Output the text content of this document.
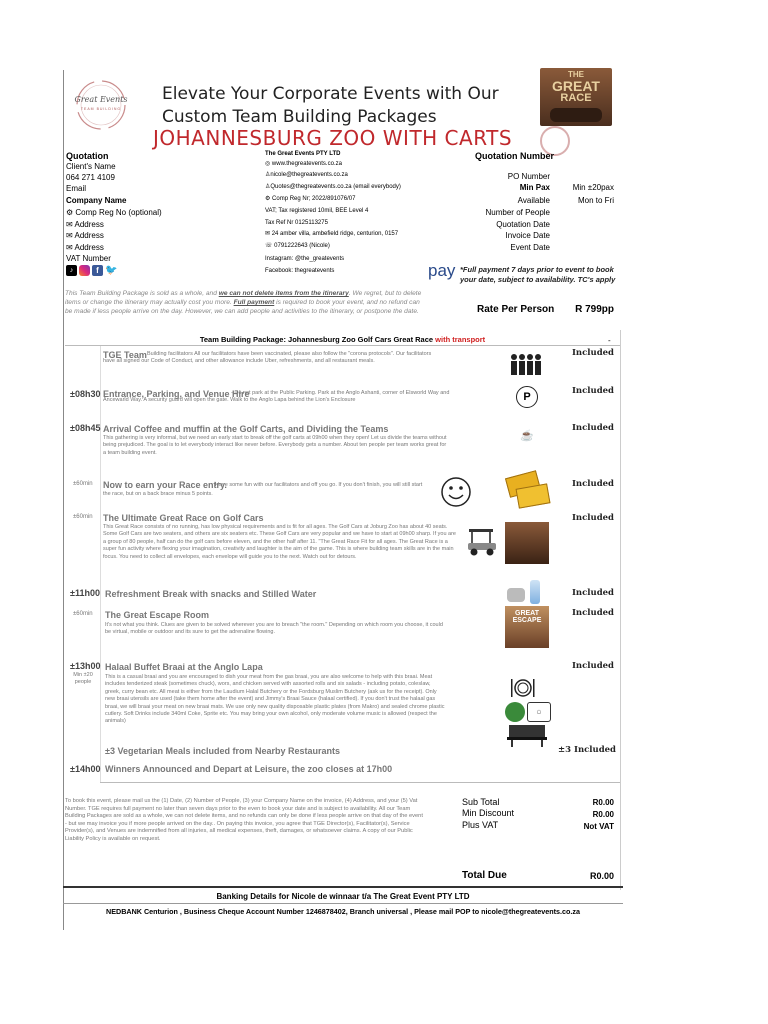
Great Events
TEAM BUILDING
Elevate Your Corporate Events with Our
Custom Team Building Packages
JOHANNESBURG ZOO WITH CARTS
THE
GREAT
RACE
Quotation
Client's Name
064 271 4109
Email
Company Name
⚙ Comp Reg No (optional)
✉ Address
✉ Address
✉ Address
VAT Number
♪	f 🐦
The Great Events PTY LTD
◎ www.thegreatevents.co.za
♙nicole@thegreatevents.co.za
♙Quotes@thegreatevents.co.za (email everybody)
⚙ Comp Reg Nr; 2022/891076/07
VAT; Tax registered 10mil, BEE Level 4
Tax Ref Nr 0125113275
✉ 24 amber villa, ambefield ridge, centurion, 0157
☏ 0791222643 (Nicole)
Instagram: @the_greatevents
Facebook: thegreatevents
Quotation Number
PO Number
Min Pax	Min ±20pax
Available	Mon to Fri
Number of People
Quotation Date
Invoice Date
Event Date
pay *Full payment 7 days prior to event to book your date, subject to availability. TC's apply
This Team Building Package is sold as a whole, and we can not delete items from the itinerary. We regret, but to delete items or change the itinerary may actually cost you more. Full payment is required to book your event, and no refund can be made if less people arrive on the day. However, we can add people and activities to the itinerary, or postpone the date.	Rate Per Person	R 799pp
Team Building Package: Johannesburg Zoo Golf Cars Great Race with transport	-
TGE Team Building facilitators All our facilitators have been vaccinated, please also follow the "corona protocols". Our facilitators have all signed our Code of Conduct, and other allowance include Uber, refreshments, and all restaurant meals.
Included
±08h30 Entrance, Parking, and Venue Hire
- Do not park at the Public Parking. Park at the Anglo Ashanti, corner of Elsworld Way and Ancewarld Way. A security guard will open the gate. Walk to the Anglo Lapa behind the Lion's Enclosure	P	Included
±08h45 Arrival Coffee and muffin at the Golf Carts, and Dividing the Teams
This gathering is very informal, but we need an early start to break off the golf carts at 09h00 when they open! Let us divide the teams without being prejudiced. The goal is to let everybody interact like never before. Everybody gets a number. About ten people per team works great for a team building event.
☕
Included
±60min Now to earn your Race entry.
Have some fun with our facilitators and off you go. If you don't finish, you will still start the race, but on a back brace minus 5 points.
Included
±60min The Ultimate Great Race on Golf Cars
This Great Race consists of no running, has low physical requirements and is fit for all ages. The Golf Cars at Joburg Zoo has about 40 seats. Some Golf Cars are two seaters, and others are six seaters etc. These Golf Cars are very popular and we have to start at 09h00 sharp. If you are a group of 80 people, half can do the golf cars before eleven, and the other half after 11. "The Great Race Fit for all ages. The Great Race is a super fun activity where flexing your imagination, creativity and laughter is the aim of the game. This is where building team skills are in the main focus. You need to collect all envelopes, each envelope will guide you to the next. Watch out for detours.
Included
±11h00 Refreshment Break with snacks and Stilled Water	Included
±60min The Great Escape Room
It's not what you think. Clues are given to be solved wherever you are to breach "the room." Depending on which room you choose, it could be virtual, mobile or outdoor and its sure to get the adrenaline flowing.
GREAT
ESCAPE
Included
±13h00
Min ±20 people
Halaal Buffet Braai at the Anglo Lapa
This is a casual braai and you are encouraged to dish your meat from the gas braai, you are also welcome to help with this braai. Meat includes tenderized steak (sometimes chuck), wors, and chicken served with assorted rolls and six salads - including potato, coleslaw, greek, curry bean etc. All meat is either from the Laudium Halal Butchery or the Fordsburg Muslim Butchery (ask us for the receipt). Only new braai utensils are used (take them home after the event) and Jimmy's Braai Sauce (halaal certified). If you don't trust the halaal gas braai, we will braai your meat on new braai mats. We use only new quality disposable plastic plates (from Makro) and sealed chrome plastic cutlery. Soft Drinks include 340ml Coke, Sprite etc. You may bring your own alcohol, only moderate volume music is allowed (respect the animals)
◯
Included
±3 Vegetarian Meals included from Nearby Restaurants	±3 Included
±14h00 Winners Announced and Depart at Leisure, the zoo closes at 17h00
To book this event, please mail us the (1) Date, (2) Number of People, (3) your Company Name on the invoice, (4) Address, and your (5) Vat Number. TGE requires full payment no later than seven days prior to the even to book your date and is subject to availability. All our Team Building Packages are sold as a whole, we can not delete items, and no refunds can only be done if less people arrive on that day of the event - but we may invoice you if more people arrived on the day.. On paying this invoice, you agree that TGE Director(s), Facilitator(s), Service Provider(s), and Venues are indemnified from all injuries, all medical expenses, theft, damages, or whatsoever claims. A copy of our Public Liability Policy is available on request.
Sub Total	R0.00
Min Discount	R0.00
Plus VAT	Not VAT
Total Due	R0.00
Banking Details for Nicole de winnaar t/a The Great Event PTY LTD
NEDBANK Centurion , Business Cheque Account Number 1246878402, Branch universal , Please mail POP to nicole@thegreatevents.co.za
